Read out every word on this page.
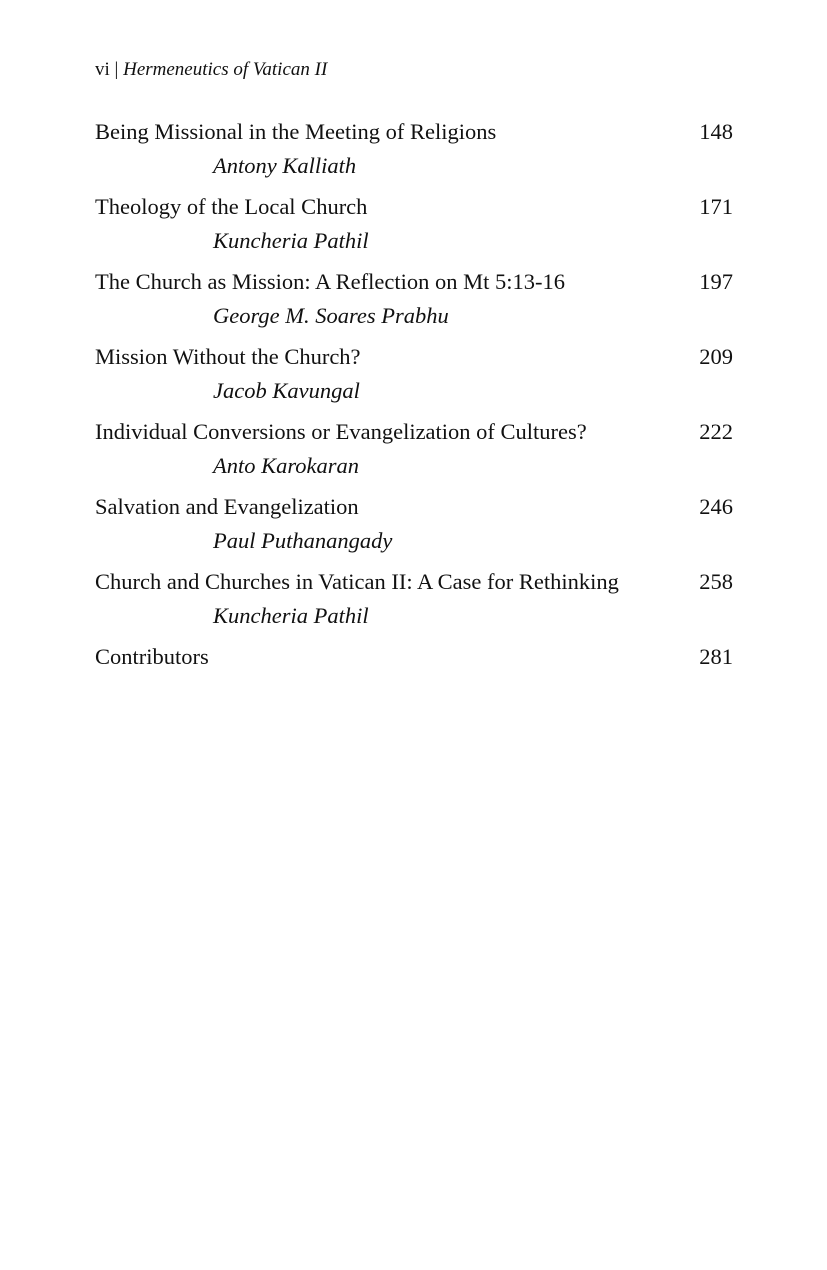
vi | Hermeneutics of Vatican II
Being Missional in the Meeting of Religions	148
Antony Kalliath
Theology of the Local Church	171
Kuncheria Pathil
The Church as Mission: A Reflection on Mt 5:13-16	197
George M. Soares Prabhu
Mission Without the Church?	209
Jacob Kavungal
Individual Conversions or Evangelization of Cultures?	222
Anto Karokaran
Salvation and Evangelization	246
Paul Puthanangady
Church and Churches in Vatican II: A Case for Rethinking	258
Kuncheria Pathil
Contributors	281
